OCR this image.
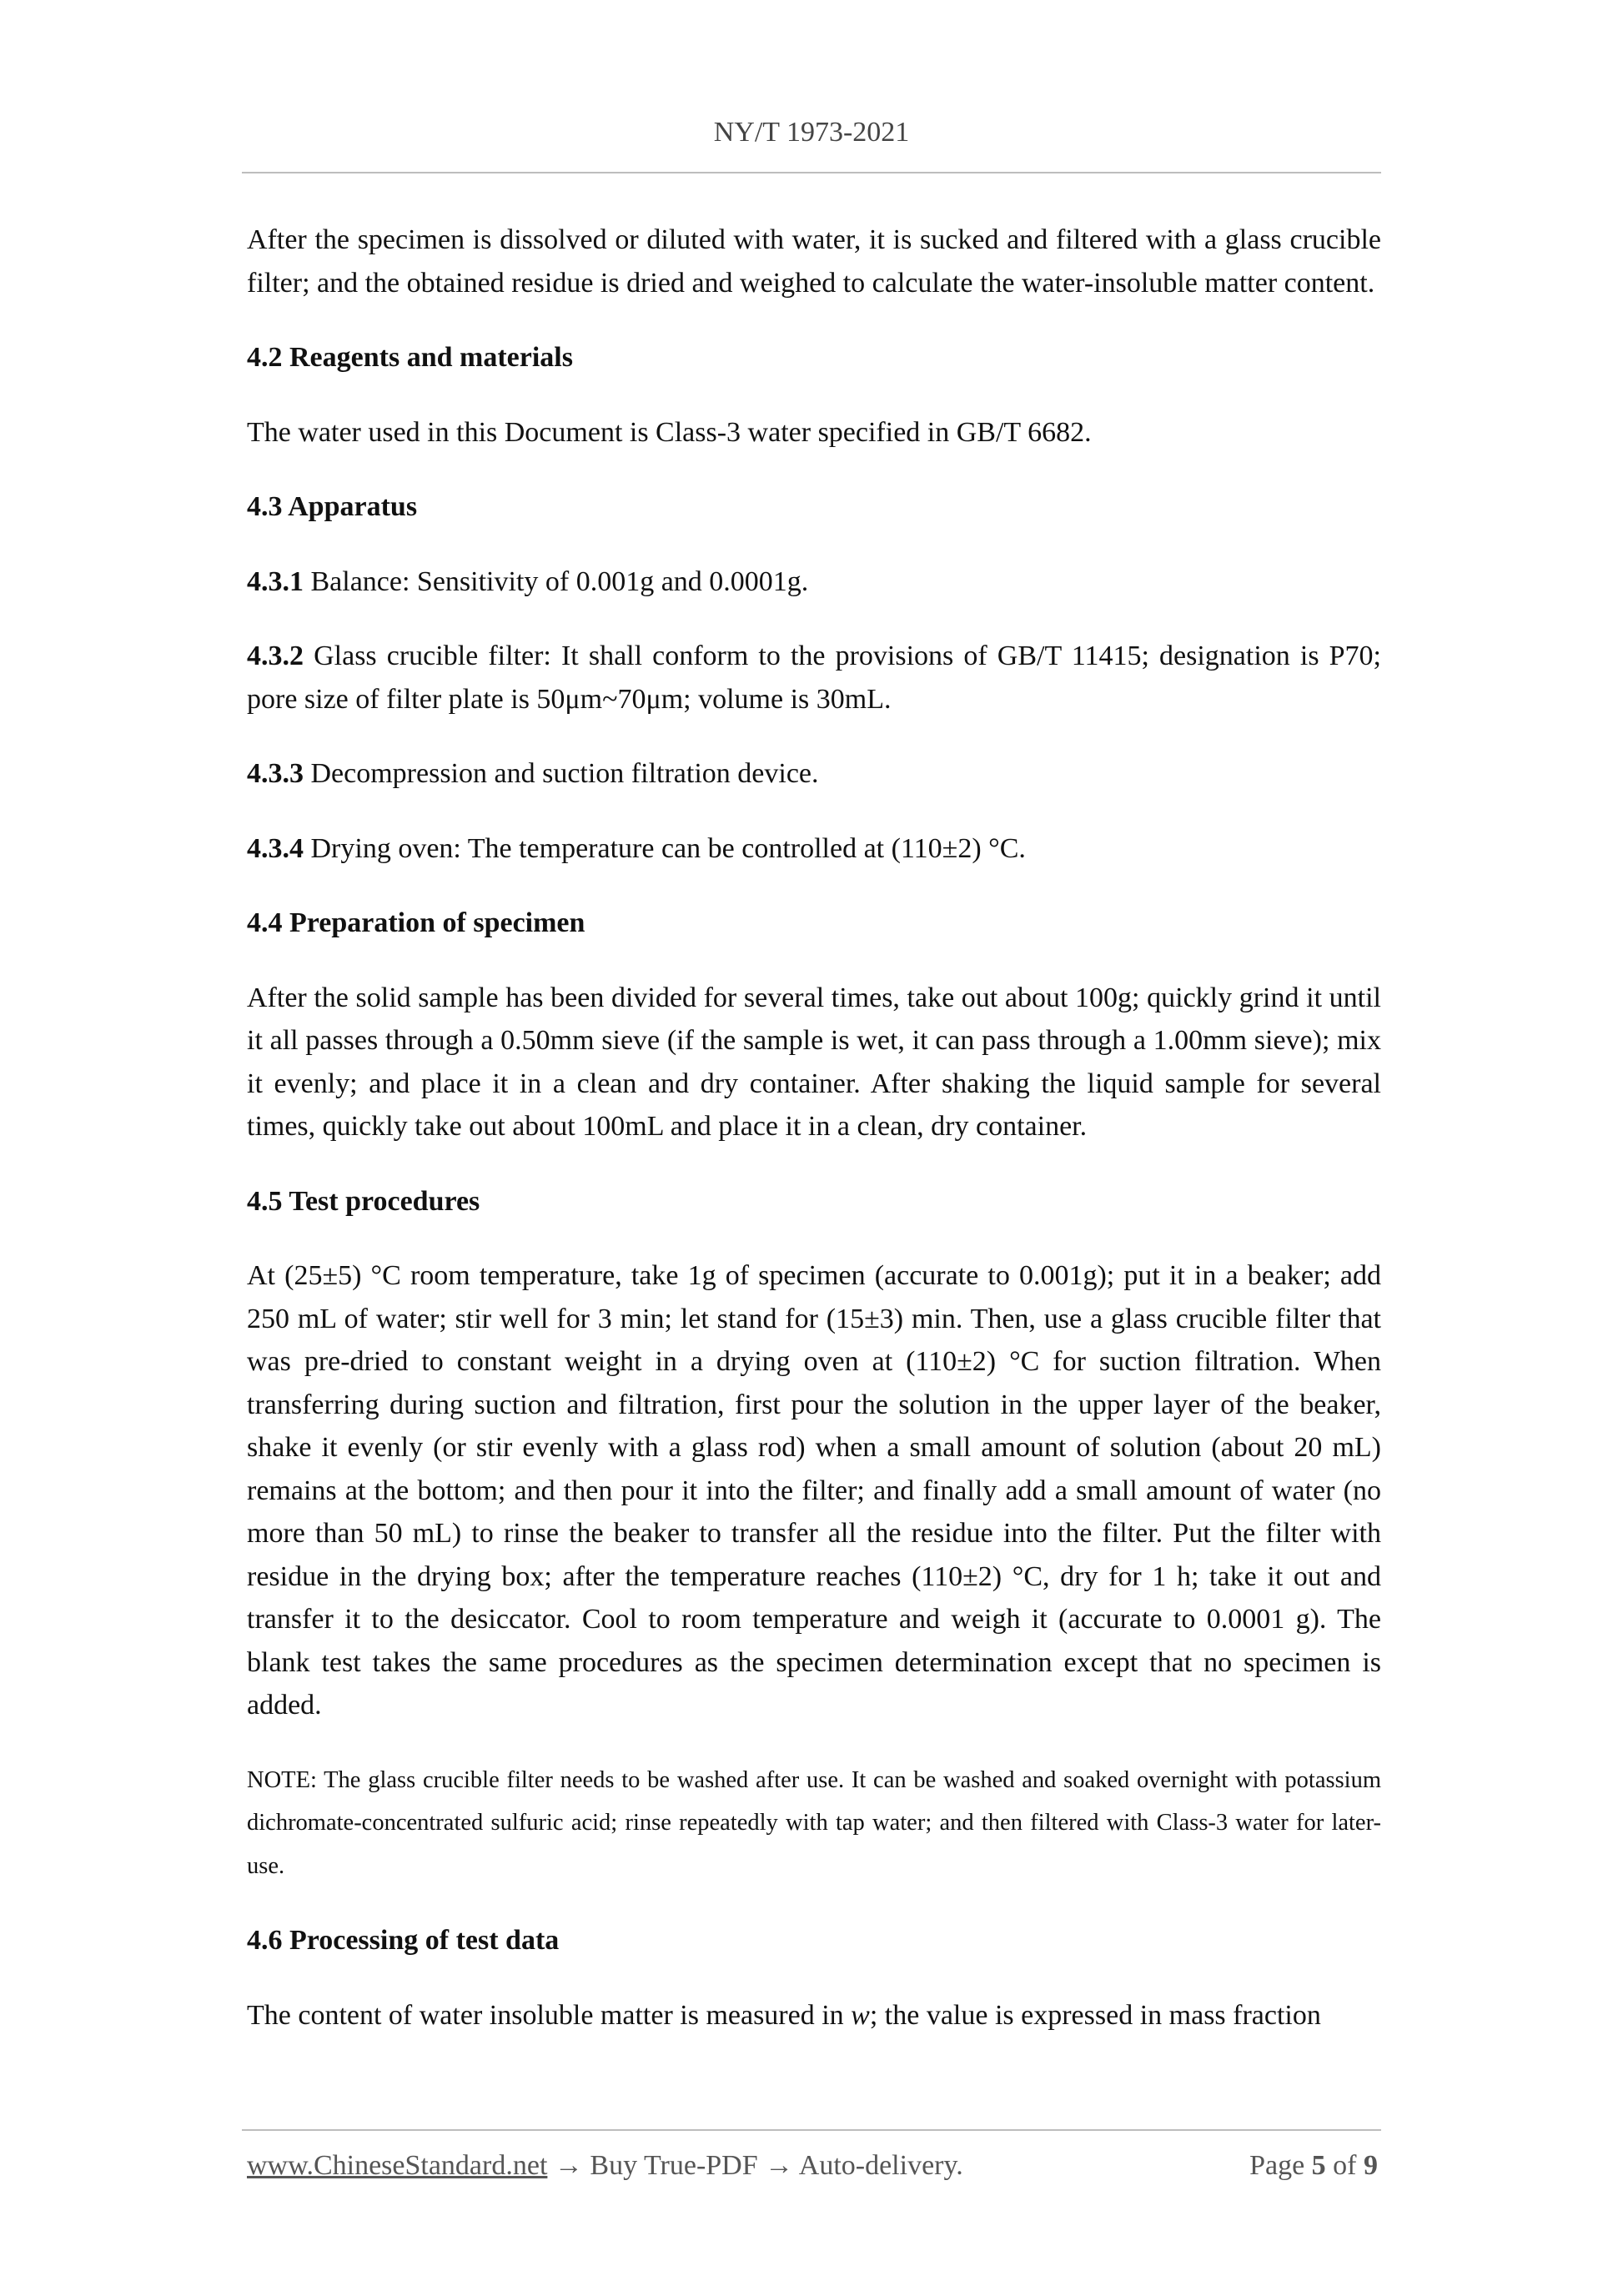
NY/T 1973-2021

After the specimen is dissolved or diluted with water, it is sucked and filtered with a glass crucible filter; and the obtained residue is dried and weighed to calculate the water-insoluble matter content.

4.2 Reagents and materials

The water used in this Document is Class-3 water specified in GB/T 6682.

4.3 Apparatus

4.3.1 Balance: Sensitivity of 0.001g and 0.0001g.

4.3.2 Glass crucible filter: It shall conform to the provisions of GB/T 11415; designation is P70; pore size of filter plate is 50μm~70μm; volume is 30mL.

4.3.3 Decompression and suction filtration device.

4.3.4 Drying oven: The temperature can be controlled at (110±2) °C.

4.4 Preparation of specimen

After the solid sample has been divided for several times, take out about 100g; quickly grind it until it all passes through a 0.50mm sieve (if the sample is wet, it can pass through a 1.00mm sieve); mix it evenly; and place it in a clean and dry container. After shaking the liquid sample for several times, quickly take out about 100mL and place it in a clean, dry container.

4.5 Test procedures

At (25±5) °C room temperature, take 1g of specimen (accurate to 0.001g); put it in a beaker; add 250 mL of water; stir well for 3 min; let stand for (15±3) min. Then, use a glass crucible filter that was pre-dried to constant weight in a drying oven at (110±2) °C for suction filtration. When transferring during suction and filtration, first pour the solution in the upper layer of the beaker, shake it evenly (or stir evenly with a glass rod) when a small amount of solution (about 20 mL) remains at the bottom; and then pour it into the filter; and finally add a small amount of water (no more than 50 mL) to rinse the beaker to transfer all the residue into the filter. Put the filter with residue in the drying box; after the temperature reaches (110±2) °C, dry for 1 h; take it out and transfer it to the desiccator. Cool to room temperature and weigh it (accurate to 0.0001 g). The blank test takes the same procedures as the specimen determination except that no specimen is added.

NOTE: The glass crucible filter needs to be washed after use. It can be washed and soaked overnight with potassium dichromate-concentrated sulfuric acid; rinse repeatedly with tap water; and then filtered with Class-3 water for later-use.

4.6 Processing of test data

The content of water insoluble matter is measured in w; the value is expressed in mass fraction

www.ChineseStandard.net → Buy True-PDF → Auto-delivery.	Page 5 of 9
